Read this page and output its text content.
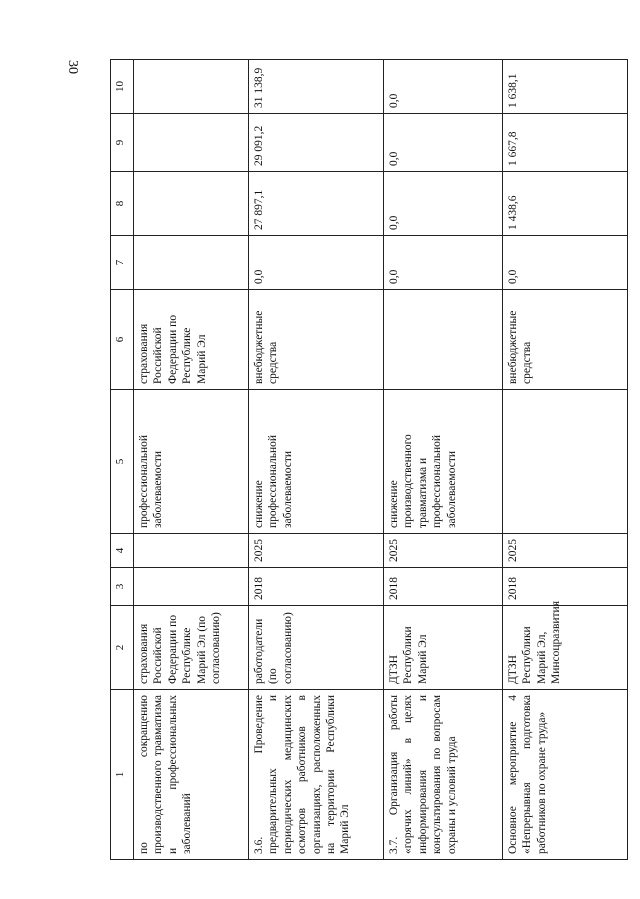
30
1	2	3	4	5	6	7	8	9	10
по сокращению производственного травматизма и профессиональных заболеваний	страхования Российской Федерации по Республике Марий Эл (по согласованию)			профессиональной заболеваемости	страхования Российской Федерации по Республике Марий Эл				
3.6. Проведение предварительных и периодических медицинских осмотров работников в организациях, расположенных на территории Республики Марий Эл	работодатели (по согласованию)	2018	2025	снижение профессиональной заболеваемости	внебюджетные средства	0,0	27 897,1	29 091,2	31 138,9
3.7. Организация работы «горячих линий» в целях информирования и консультирования по вопросам охраны и условий труда	ДТЗН Республики Марий Эл	2018	2025	снижение производственного травматизма и профессиональной заболеваемости		0,0	0,0	0,0	0,0
Основное мероприятие 4 «Непрерывная подготовка работников по охране труда»	ДТЗН Республики Марий Эл, Минсоцразвития	2018	2025		внебюджетные средства	0,0	1 438,6	1 667,8	1 638,1
